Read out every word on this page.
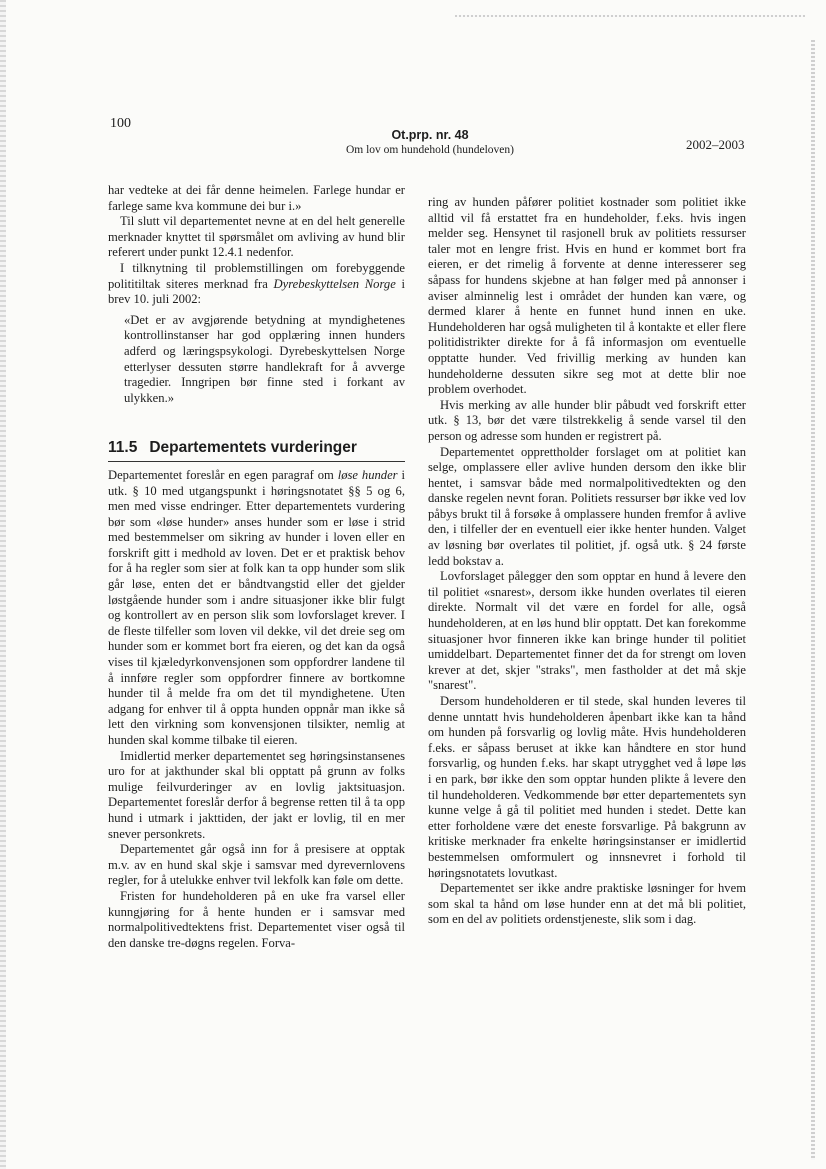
100
Ot.prp. nr. 48
Om lov om hundehold (hundeloven)	2002–2003

har vedteke at dei får denne heimelen. Farlege hundar er farlege same kva kommune dei bur i.»

Til slutt vil departementet nevne at en del helt generelle merknader knyttet til spørsmålet om avliving av hund blir referert under punkt 12.4.1 nedenfor.

I tilknytning til problemstillingen om forebyggende polititiltak siteres merknad fra Dyrebeskyttelsen Norge i brev 10. juli 2002:

«Det er av avgjørende betydning at myndighetenes kontrollinstanser har god opplæring innen hunders adferd og læringspsykologi. Dyrebeskyttelsen Norge etterlyser dessuten større handlekraft for å avverge tragedier. Inngripen bør finne sted i forkant av ulykken.»

11.5 Departementets vurderinger

Departementet foreslår en egen paragraf om løse hunder i utk. § 10 med utgangspunkt i høringsnotatet §§ 5 og 6, men med visse endringer. Etter departementets vurdering bør som «løse hunder» anses hunder som er løse i strid med bestemmelser om sikring av hunder i loven eller en forskrift gitt i medhold av loven. Det er et praktisk behov for å ha regler som sier at folk kan ta opp hunder som slik går løse, enten det er båndtvangstid eller det gjelder løstgående hunder som i andre situasjoner ikke blir fulgt og kontrollert av en person slik som lovforslaget krever. I de fleste tilfeller som loven vil dekke, vil det dreie seg om hunder som er kommet bort fra eieren, og det kan da også vises til kjæledyrkonvensjonen som oppfordrer landene til å innføre regler som oppfordrer finnere av bortkomne hunder til å melde fra om det til myndighetene. Uten adgang for enhver til å oppta hunden oppnår man ikke så lett den virkning som konvensjonen tilsikter, nemlig at hunden skal komme tilbake til eieren.

Imidlertid merker departementet seg høringsinstansenes uro for at jakthunder skal bli opptatt på grunn av folks mulige feilvurderinger av en lovlig jaktsituasjon. Departementet foreslår derfor å begrense retten til å ta opp hund i utmark i jakttiden, der jakt er lovlig, til en mer snever personkrets.

Departementet går også inn for å presisere at opptak m.v. av en hund skal skje i samsvar med dyrevernlovens regler, for å utelukke enhver tvil lekfolk kan føle om dette.

Fristen for hundeholderen på en uke fra varsel eller kunngjøring for å hente hunden er i samsvar med normalpolitivedtektens frist. Departementet viser også til den danske tre-døgns regelen. Forva-

ring av hunden påfører politiet kostnader som politiet ikke alltid vil få erstattet fra en hundeholder, f.eks. hvis ingen melder seg. Hensynet til rasjonell bruk av politiets ressurser taler mot en lengre frist. Hvis en hund er kommet bort fra eieren, er det rimelig å forvente at denne interesserer seg såpass for hundens skjebne at han følger med på annonser i aviser alminnelig lest i området der hunden kan være, og dermed klarer å hente en funnet hund innen en uke. Hundeholderen har også muligheten til å kontakte et eller flere politidistrikter direkte for å få informasjon om eventuelle opptatte hunder. Ved frivillig merking av hunden kan hundeholderne dessuten sikre seg mot at dette blir noe problem overhodet.

Hvis merking av alle hunder blir påbudt ved forskrift etter utk. § 13, bør det være tilstrekkelig å sende varsel til den person og adresse som hunden er registrert på.

Departementet opprettholder forslaget om at politiet kan selge, omplassere eller avlive hunden dersom den ikke blir hentet, i samsvar både med normalpolitivedtekten og den danske regelen nevnt foran. Politiets ressurser bør ikke ved lov påbys brukt til å forsøke å omplassere hunden fremfor å avlive den, i tilfeller der en eventuell eier ikke henter hunden. Valget av løsning bør overlates til politiet, jf. også utk. § 24 første ledd bokstav a.

Lovforslaget pålegger den som opptar en hund å levere den til politiet «snarest», dersom ikke hunden overlates til eieren direkte. Normalt vil det være en fordel for alle, også hundeholderen, at en løs hund blir opptatt. Det kan forekomme situasjoner hvor finneren ikke kan bringe hunder til politiet umiddelbart. Departementet finner det da for strengt om loven krever at det, skjer "straks", men fastholder at det må skje "snarest".

Dersom hundeholderen er til stede, skal hunden leveres til denne unntatt hvis hundeholderen åpenbart ikke kan ta hånd om hunden på forsvarlig og lovlig måte. Hvis hundeholderen f.eks. er såpass beruset at ikke kan håndtere en stor hund forsvarlig, og hunden f.eks. har skapt utrygghet ved å løpe løs i en park, bør ikke den som opptar hunden plikte å levere den til hundeholderen. Vedkommende bør etter departementets syn kunne velge å gå til politiet med hunden i stedet. Dette kan etter forholdene være det eneste forsvarlige. På bakgrunn av kritiske merknader fra enkelte høringsinstanser er imidlertid bestemmelsen omformulert og innsnevret i forhold til høringsnotatets lovutkast.

Departementet ser ikke andre praktiske løsninger for hvem som skal ta hånd om løse hunder enn at det må bli politiet, som en del av politiets ordenstjeneste, slik som i dag.
